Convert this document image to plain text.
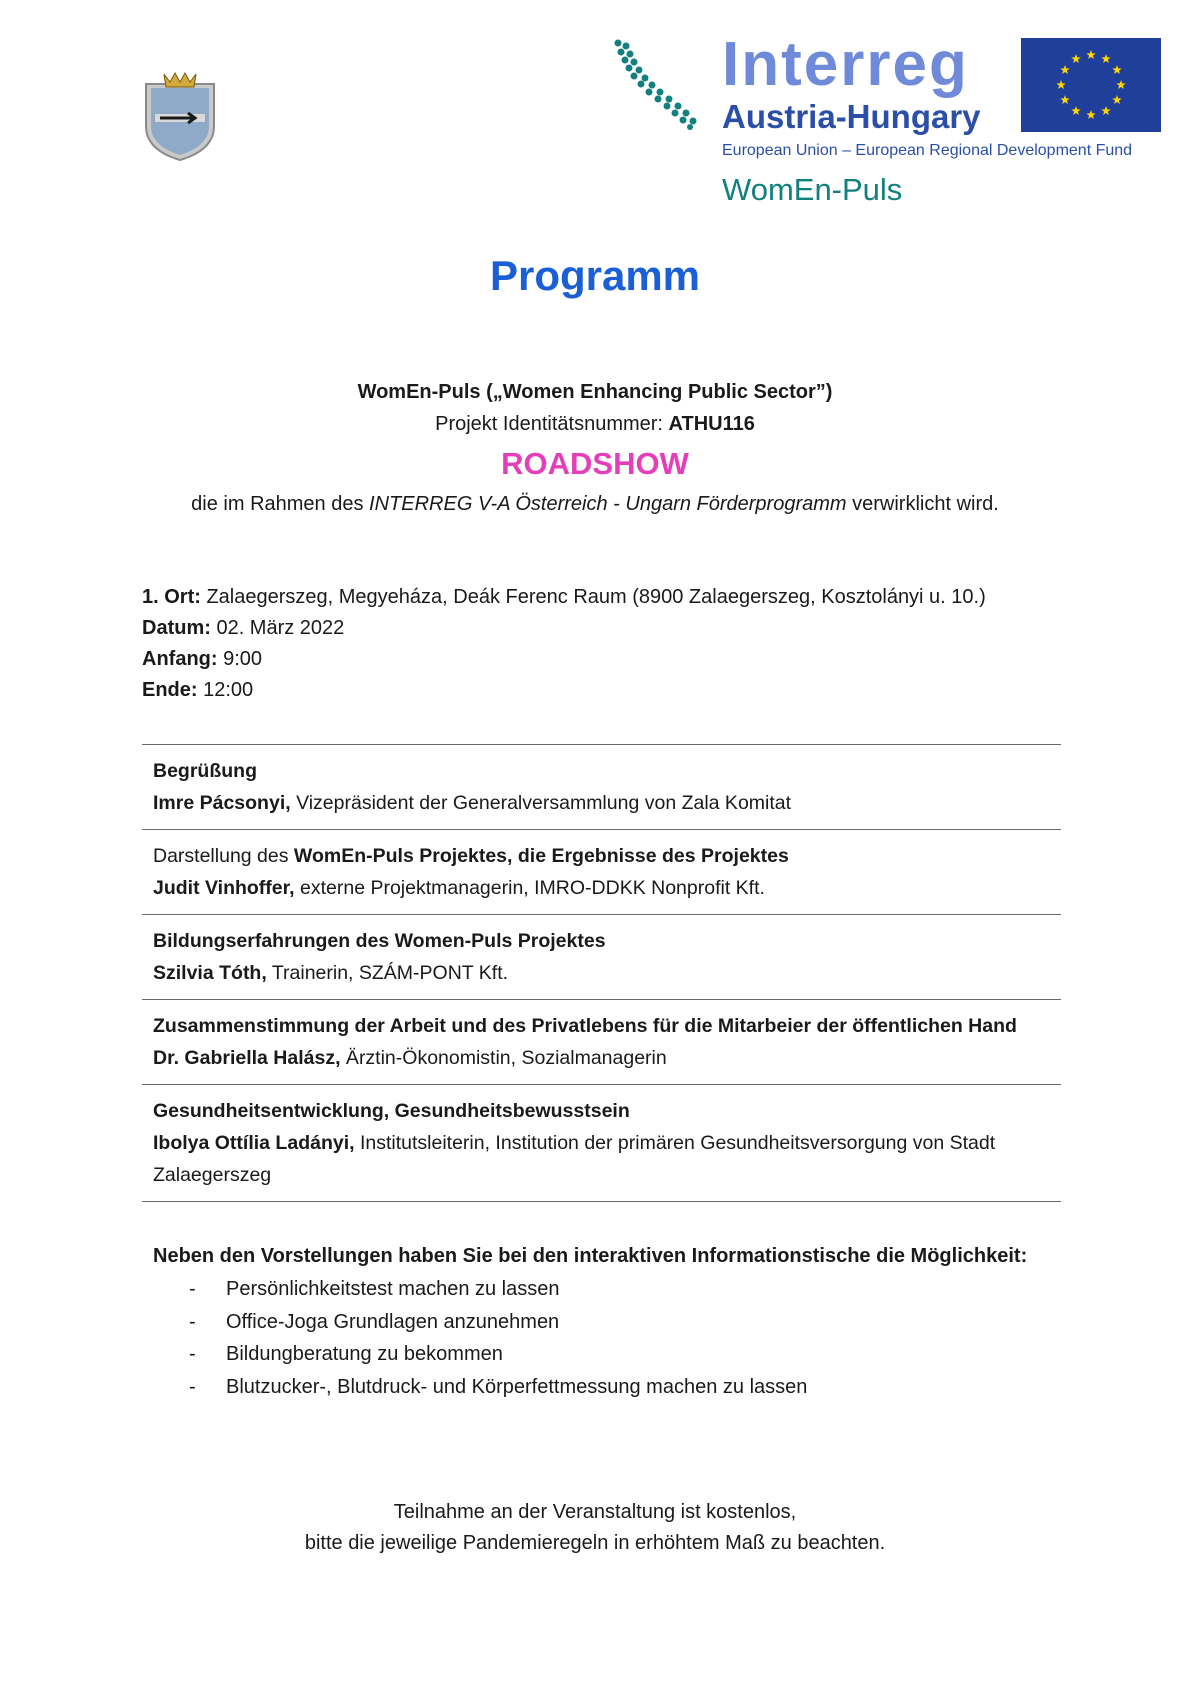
Interreg
Austria-Hungary
European Union – European Regional Development Fund
WomEn-Puls
Programm
WomEn-Puls („Women Enhancing Public Sector”)
Projekt Identitätsnummer: ATHU116
ROADSHOW
die im Rahmen des INTERREG V-A Österreich - Ungarn Förderprogramm verwirklicht wird.
1. Ort: Zalaegerszeg, Megyeháza, Deák Ferenc Raum (8900 Zalaegerszeg, Kosztolányi u. 10.)
Datum: 02. März 2022
Anfang: 9:00
Ende: 12:00
Begrüßung
Imre Pácsonyi, Vizepräsident der Generalversammlung von Zala Komitat
Darstellung des WomEn-Puls Projektes, die Ergebnisse des Projektes
Judit Vinhoffer, externe Projektmanagerin, IMRO-DDKK Nonprofit Kft.
Bildungserfahrungen des Women-Puls Projektes
Szilvia Tóth, Trainerin, SZÁM-PONT Kft.
Zusammenstimmung der Arbeit und des Privatlebens für die Mitarbeier der öffentlichen Hand
Dr. Gabriella Halász, Ärztin-Ökonomistin, Sozialmanagerin
Gesundheitsentwicklung, Gesundheitsbewusstsein
Ibolya Ottília Ladányi, Institutsleiterin, Institution der primären Gesundheitsversorgung von Stadt Zalaegerszeg
Neben den Vorstellungen haben Sie bei den interaktiven Informationstische die Möglichkeit:
-	Persönlichkeitstest machen zu lassen
-	Office-Joga Grundlagen anzunehmen
-	Bildungberatung zu bekommen
-	Blutzucker-, Blutdruck- und Körperfettmessung machen zu lassen
Teilnahme an der Veranstaltung ist kostenlos,
bitte die jeweilige Pandemieregeln in erhöhtem Maß zu beachten.
